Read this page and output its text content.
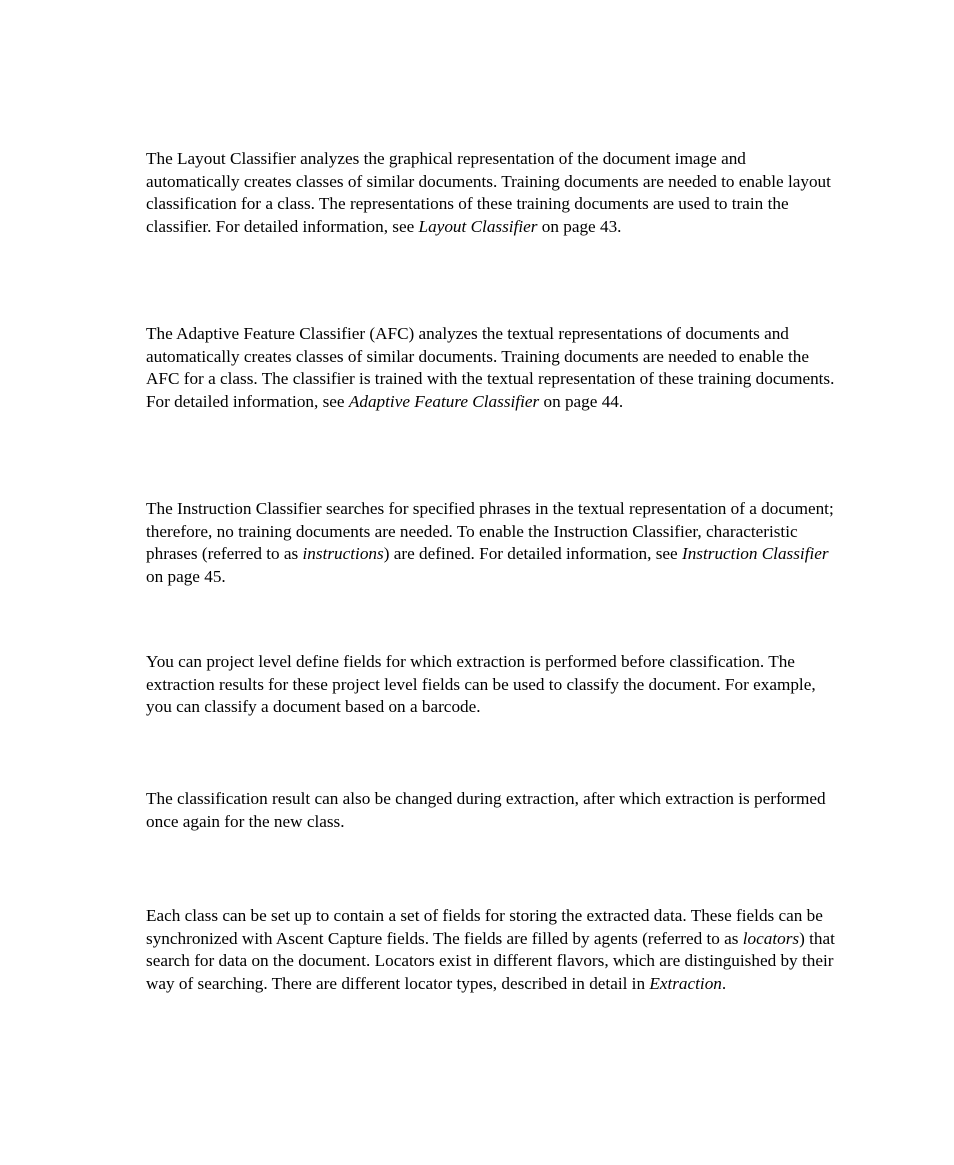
The Layout Classifier analyzes the graphical representation of the document image and automatically creates classes of similar documents. Training documents are needed to enable layout classification for a class. The representations of these training documents are used to train the classifier. For detailed information, see Layout Classifier on page 43.

The Adaptive Feature Classifier (AFC) analyzes the textual representations of documents and automatically creates classes of similar documents. Training documents are needed to enable the AFC for a class. The classifier is trained with the textual representation of these training documents. For detailed information, see Adaptive Feature Classifier on page 44.

The Instruction Classifier searches for specified phrases in the textual representation of a document; therefore, no training documents are needed. To enable the Instruction Classifier, characteristic phrases (referred to as instructions) are defined. For detailed information, see Instruction Classifier on page 45.

You can project level define fields for which extraction is performed before classification. The extraction results for these project level fields can be used to classify the document. For example, you can classify a document based on a barcode.

The classification result can also be changed during extraction, after which extraction is performed once again for the new class.

Each class can be set up to contain a set of fields for storing the extracted data. These fields can be synchronized with Ascent Capture fields. The fields are filled by agents (referred to as locators) that search for data on the document. Locators exist in different flavors, which are distinguished by their way of searching. There are different locator types, described in detail in Extraction.
